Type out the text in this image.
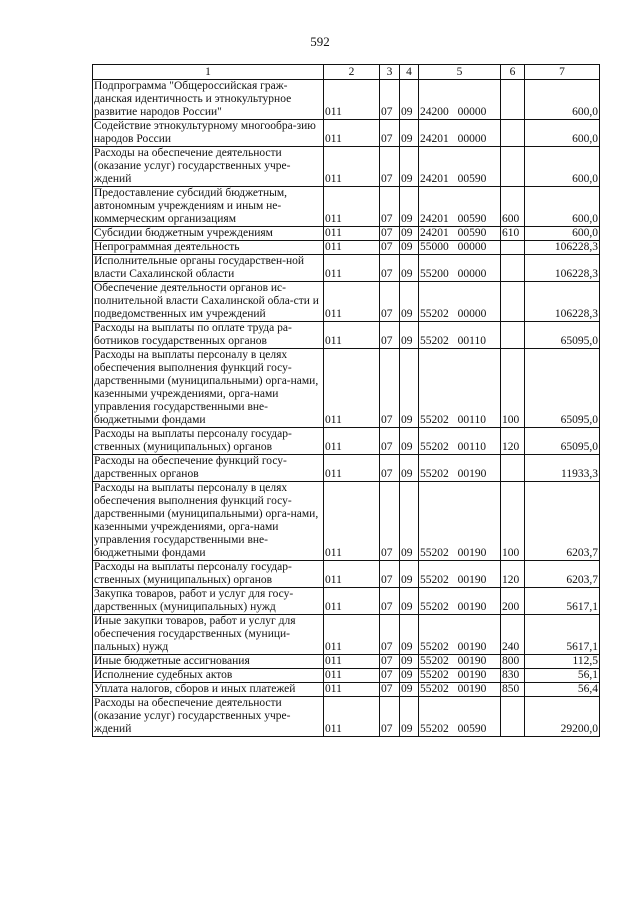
592
1	2	3	4	5	6	7
Подпрограмма "Общероссийская граж-данская идентичность и этнокультурное развитие народов России"	011	07	09	24200 00000		600,0
Содействие этнокультурному многообра-зию народов России	011	07	09	24201 00000		600,0
Расходы на обеспечение деятельности (оказание услуг) государственных учре-ждений	011	07	09	24201 00590		600,0
Предоставление субсидий бюджетным, автономным учреждениям и иным не-коммерческим организациям	011	07	09	24201 00590	600	600,0
Субсидии бюджетным учреждениям	011	07	09	24201 00590	610	600,0
Непрограммная деятельность	011	07	09	55000 00000		106228,3
Исполнительные органы государствен-ной власти Сахалинской области	011	07	09	55200 00000		106228,3
Обеспечение деятельности органов ис-полнительной власти Сахалинской обла-сти и подведомственных им учреждений	011	07	09	55202 00000		106228,3
Расходы на выплаты по оплате труда ра-ботников государственных органов	011	07	09	55202 00110		65095,0
Расходы на выплаты персоналу в целях обеспечения выполнения функций госу-дарственными (муниципальными) орга-нами, казенными учреждениями, орга-нами управления государственными вне-бюджетными фондами	011	07	09	55202 00110	100	65095,0
Расходы на выплаты персоналу государ-ственных (муниципальных) органов	011	07	09	55202 00110	120	65095,0
Расходы на обеспечение функций госу-дарственных органов	011	07	09	55202 00190		11933,3
Расходы на выплаты персоналу в целях обеспечения выполнения функций госу-дарственными (муниципальными) орга-нами, казенными учреждениями, орга-нами управления государственными вне-бюджетными фондами	011	07	09	55202 00190	100	6203,7
Расходы на выплаты персоналу государ-ственных (муниципальных) органов	011	07	09	55202 00190	120	6203,7
Закупка товаров, работ и услуг для госу-дарственных (муниципальных) нужд	011	07	09	55202 00190	200	5617,1
Иные закупки товаров, работ и услуг для обеспечения государственных (муници-пальных) нужд	011	07	09	55202 00190	240	5617,1
Иные бюджетные ассигнования	011	07	09	55202 00190	800	112,5
Исполнение судебных актов	011	07	09	55202 00190	830	56,1
Уплата налогов, сборов и иных платежей	011	07	09	55202 00190	850	56,4
Расходы на обеспечение деятельности (оказание услуг) государственных учре-ждений	011	07	09	55202 00590		29200,0
